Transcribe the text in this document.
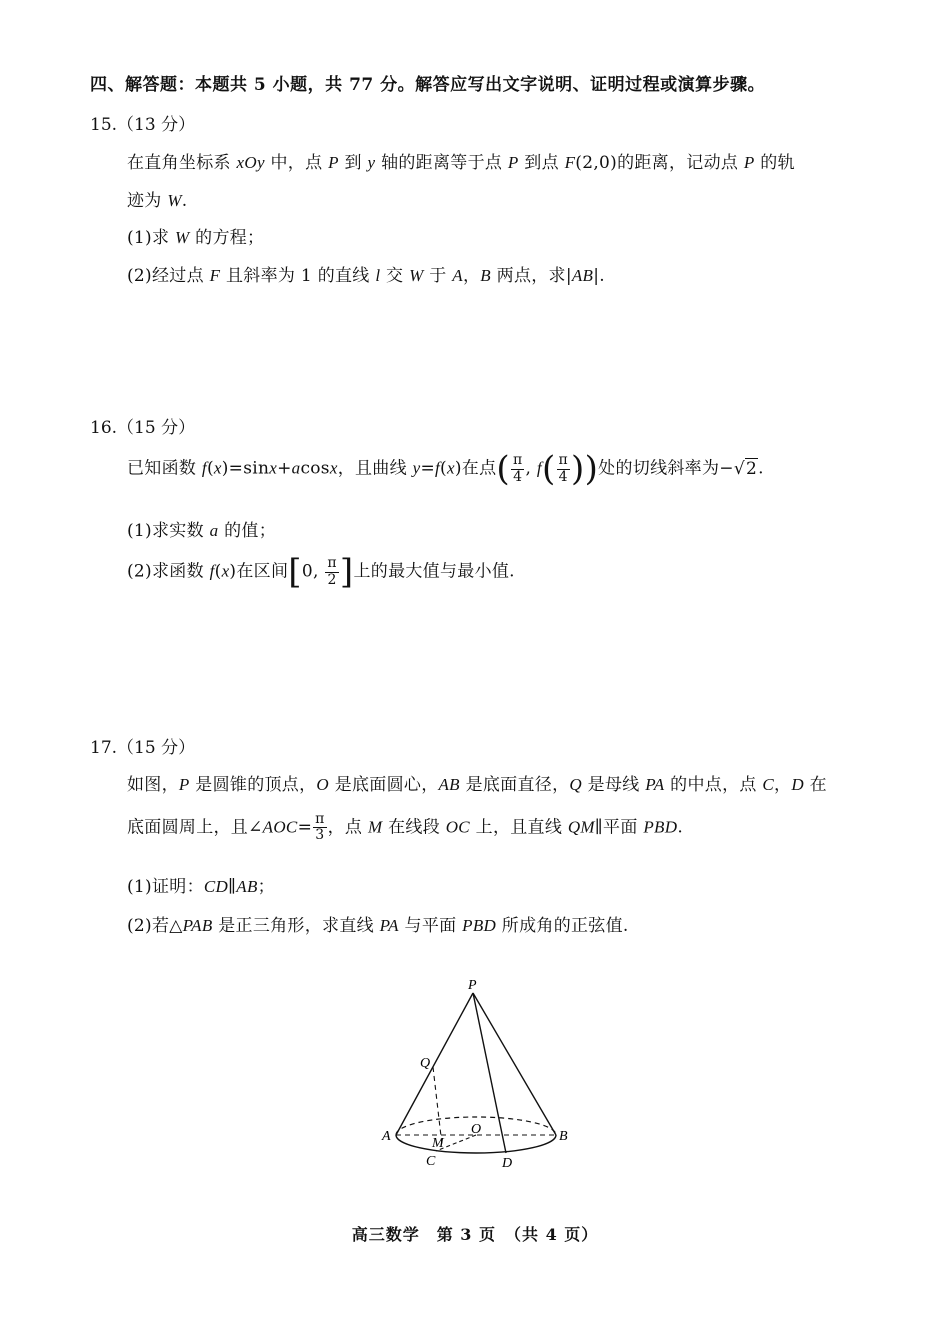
四、解答题：本题共 5 小题，共 77 分。解答应写出文字说明、证明过程或演算步骤。
15.（13 分）
在直角坐标系 xOy 中，点 P 到 y 轴的距离等于点 P 到点 F(2,0)的距离，记动点 P 的轨
迹为 W.
(1)求 W 的方程；
(2)经过点 F 且斜率为 1 的直线 l 交 W 于 A，B 两点，求|AB|.
16.（15 分）
已知函数 f(x)=sinx+acosx，且曲线 y=f(x)在点( $\frac{\pi}{4}$ , $f( \frac{\pi}{4}$ ))处的切线斜率为−√2.
(1)求实数 a 的值；
(2)求函数 f(x)在区间[0, $\frac{\pi}{2}$ ]上的最大值与最小值.
17.（15 分）
如图，P 是圆锥的顶点，O 是底面圆心，AB 是底面直径，Q 是母线 PA 的中点，点 C，D 在
底面圆周上，且∠AOC= $\frac{\pi}{3}$ ，点 M 在线段 OC 上，且直线 QM∥平面 PBD.
(1)证明：CD∥AB；
(2)若△PAB 是正三角形，求直线 PA 与平面 PBD 所成角的正弦值.
P
Q
A	B
O
M
C	D
高三数学　第 3 页　（共 4 页）
